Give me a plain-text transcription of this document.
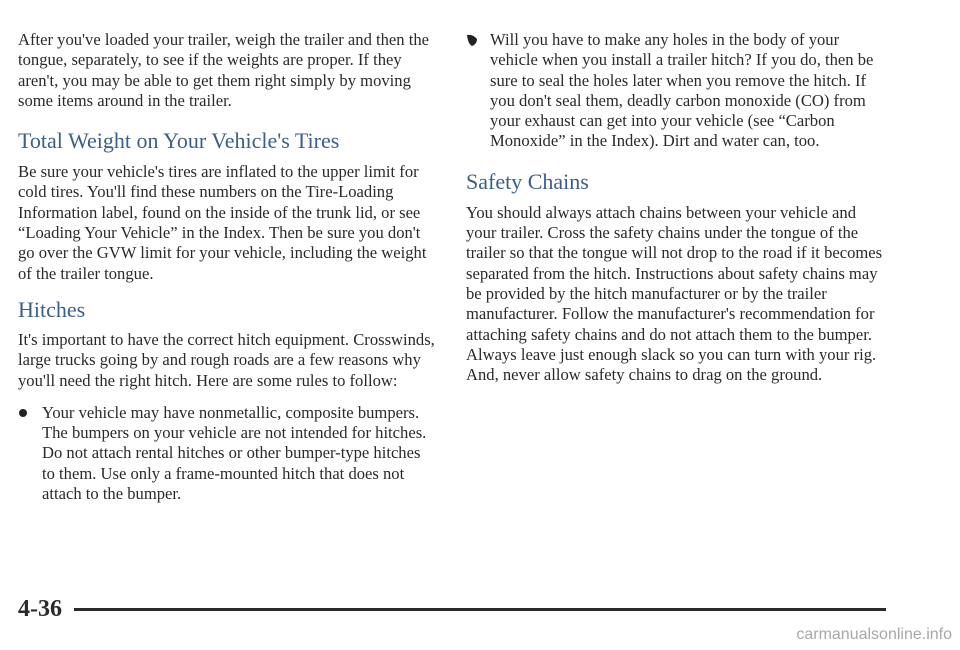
After you've loaded your trailer, weigh the trailer and then the tongue, separately, to see if the weights are proper. If they aren't, you may be able to get them right simply by moving some items around in the trailer.

Total Weight on Your Vehicle's Tires

Be sure your vehicle's tires are inflated to the upper limit for cold tires. You'll find these numbers on the Tire-Loading Information label, found on the inside of the trunk lid, or see “Loading Your Vehicle” in the Index. Then be sure you don't go over the GVW limit for your vehicle, including the weight of the trailer tongue.

Hitches

It's important to have the correct hitch equipment. Crosswinds, large trucks going by and rough roads are a few reasons why you'll need the right hitch. Here are some rules to follow:

Your vehicle may have nonmetallic, composite bumpers. The bumpers on your vehicle are not intended for hitches. Do not attach rental hitches or other bumper-type hitches to them. Use only a frame-mounted hitch that does not attach to the bumper.

Will you have to make any holes in the body of your vehicle when you install a trailer hitch? If you do, then be sure to seal the holes later when you remove the hitch. If you don't seal them, deadly carbon monoxide (CO) from your exhaust can get into your vehicle (see “Carbon Monoxide” in the Index). Dirt and water can, too.

Safety Chains

You should always attach chains between your vehicle and your trailer. Cross the safety chains under the tongue of the trailer so that the tongue will not drop to the road if it becomes separated from the hitch. Instructions about safety chains may be provided by the hitch manufacturer or by the trailer manufacturer. Follow the manufacturer's recommendation for attaching safety chains and do not attach them to the bumper. Always leave just enough slack so you can turn with your rig. And, never allow safety chains to drag on the ground.

4-36
carmanualsonline.info
